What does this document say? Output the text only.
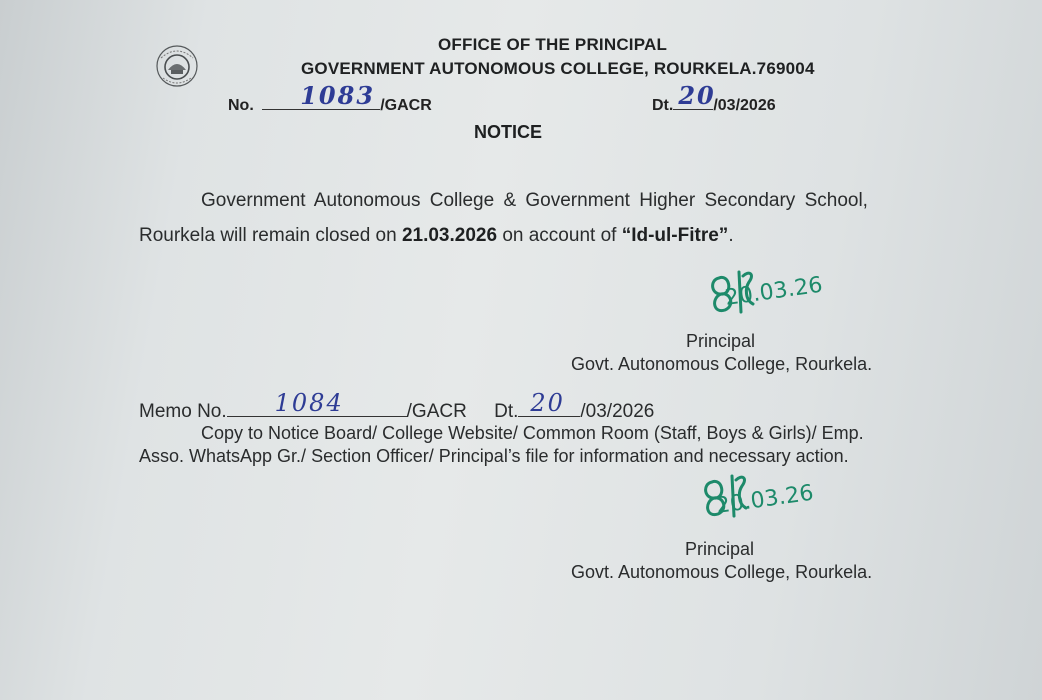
OFFICE OF THE PRINCIPAL
GOVERNMENT AUTONOMOUS COLLEGE, ROURKELA.769004
No. 1083 /GACR	Dt. 20
/03/2026
NOTICE
Government Autonomous College & Government Higher Secondary School,
Rourkela will remain closed on 21.03.2026 on account of “Id-ul-Fitre”.
20.03.26
Principal
Govt. Autonomous College, Rourkela.
Memo No. 1084	/GACR Dt. 20 /03/2026
Copy to Notice Board/ College Website/ Common Room (Staff, Boys & Girls)/ Emp.
Asso. WhatsApp Gr./ Section Officer/ Principal’s file for information and necessary action.
20.03.26
Principal
Govt. Autonomous College, Rourkela.
